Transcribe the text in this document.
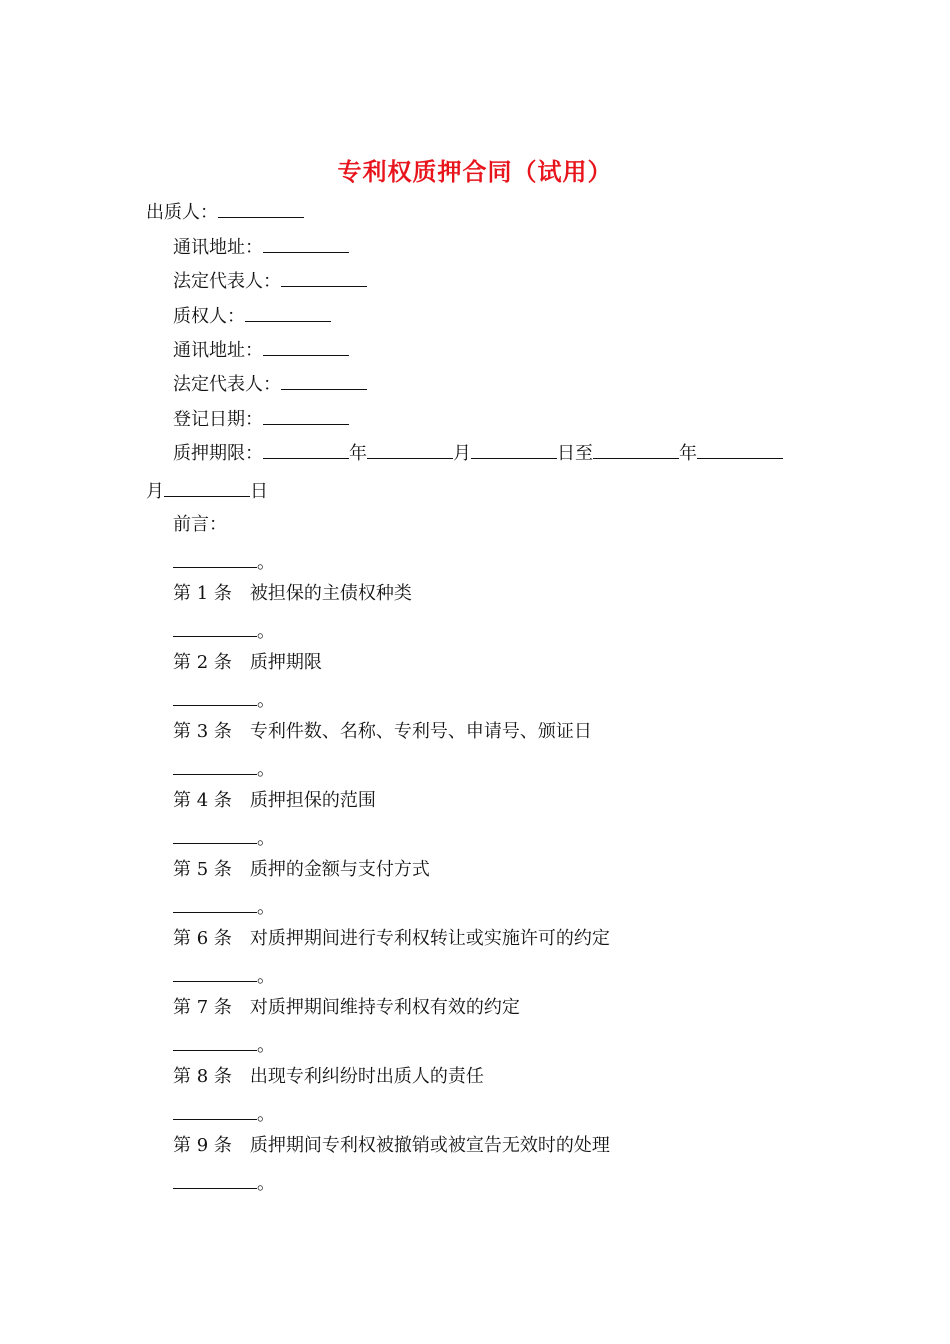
专利权质押合同（试用）
出质人：
通讯地址：
法定代表人：
质权人：
通讯地址：
法定代表人：
登记日期：
质押期限：	年	月	日至	年
月	日
前言：
。
第 1 条 被担保的主债权种类
。
第 2 条 质押期限
。
第 3 条 专利件数、名称、专利号、申请号、颁证日
。
第 4 条 质押担保的范围
。
第 5 条 质押的金额与支付方式
。
第 6 条 对质押期间进行专利权转让或实施许可的约定
。
第 7 条 对质押期间维持专利权有效的约定
。
第 8 条 出现专利纠纷时出质人的责任
。
第 9 条 质押期间专利权被撤销或被宣告无效时的处理
。
